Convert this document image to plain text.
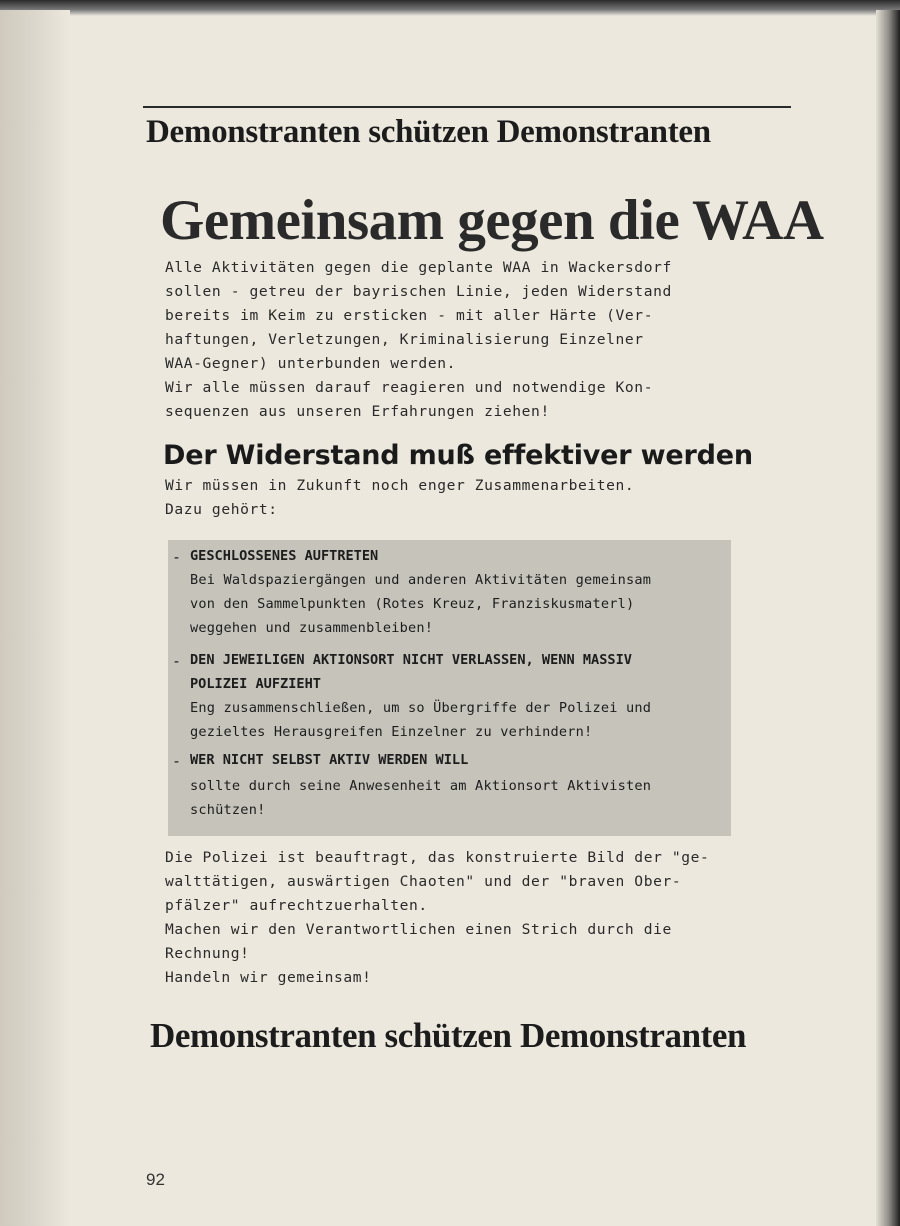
Demonstranten schützen Demonstranten
Gemeinsam gegen die WAA
Alle Aktivitäten gegen die geplante WAA in Wackersdorf
sollen - getreu der bayrischen Linie, jeden Widerstand
bereits im Keim zu ersticken - mit aller Härte (Ver-
haftungen, Verletzungen, Kriminalisierung Einzelner
WAA-Gegner) unterbunden werden.
Wir alle müssen darauf reagieren und notwendige Kon-
sequenzen aus unseren Erfahrungen ziehen!
Der Widerstand muß effektiver werden
Wir müssen in Zukunft noch enger Zusammenarbeiten.
Dazu gehört:
- GESCHLOSSENES AUFTRETEN
Bei Waldspaziergängen und anderen Aktivitäten gemeinsam
von den Sammelpunkten (Rotes Kreuz, Franziskusmaterl)
weggehen und zusammenbleiben!
- DEN JEWEILIGEN AKTIONSORT NICHT VERLASSEN, WENN MASSIV
POLIZEI AUFZIEHT
Eng zusammenschließen, um so Übergriffe der Polizei und
gezieltes Herausgreifen Einzelner zu verhindern!
- WER NICHT SELBST AKTIV WERDEN WILL
sollte durch seine Anwesenheit am Aktionsort Aktivisten
schützen!
Die Polizei ist beauftragt, das konstruierte Bild der "ge-
walttätigen, auswärtigen Chaoten" und der "braven Ober-
pfälzer" aufrechtzuerhalten.
Machen wir den Verantwortlichen einen Strich durch die
Rechnung!
Handeln wir gemeinsam!
Demonstranten schützen Demonstranten

92
